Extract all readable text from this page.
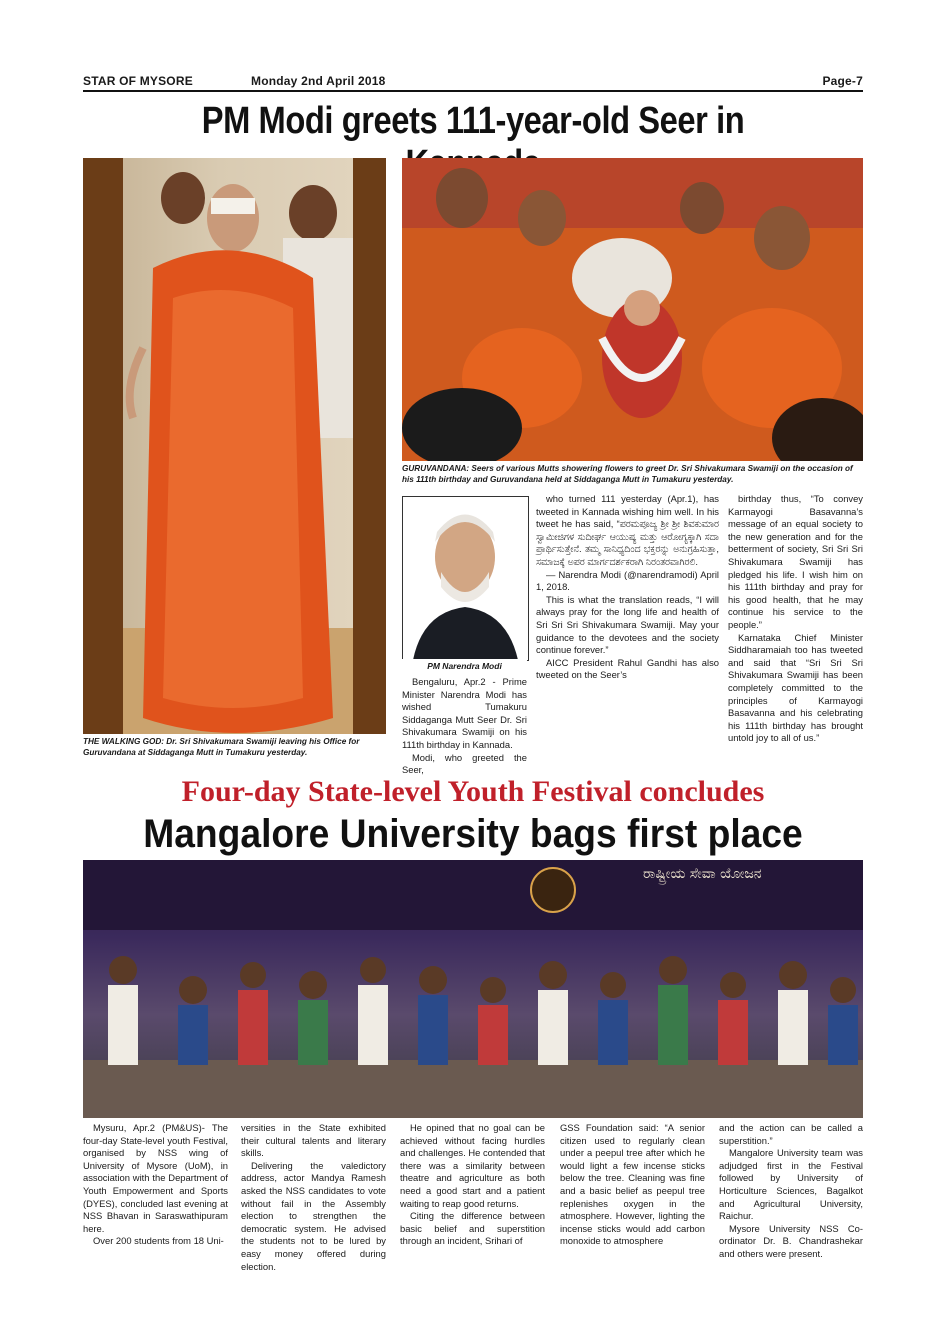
STAR OF MYSORE	Monday 2nd April 2018	Page-7
PM Modi greets 111-year-old Seer in
THE WALKING GOD: Dr. Sri Shivakumara Swamiji leaving his Office for Guruvandana at Siddaganga Mutt in Tumakuru yesterday.
GURUVANDANA: Seers of various Mutts showering flowers to greet Dr. Sri Shivakumara Swamiji on the occasion of his 111th birthday and Guruvandana held at Siddaganga Mutt in Tumakuru yesterday.
PM Narendra Modi

Bengaluru, Apr.2 - Prime Minister Narendra Modi has wished Tumakuru Siddaganga Mutt Seer Dr. Sri Shivakumara Swamiji on his 111th birthday in Kannada.

Modi, who greeted the Seer,

who turned 111 yesterday (Apr.1), has tweeted in Kannada wishing him well. In his tweet he has said, “ಪರಮಪೂಜ್ಯ ಶ್ರೀ ಶ್ರೀ ಶಿವಕುಮಾರ ಸ್ವಾಮೀಜಿಗಳ ಸುದೀರ್ಘ ಆಯುಷ್ಯ ಮತ್ತು ಆರೋಗ್ಯಕ್ಕಾಗಿ ಸದಾ ಪ್ರಾರ್ಥಿಸುತ್ತೇನೆ. ತಮ್ಮ ಸಾನಿಧ್ಯದಿಂದ ಭಕ್ತರನ್ನು ಅನುಗ್ರಹಿಸುತ್ತಾ, ಸಮಾಜಕ್ಕೆ ಅಪರ ಮಾರ್ಗದರ್ಶಕರಾಗಿ ನಿರಂತರವಾಗಿರಲಿ.

— Narendra Modi (@narendramodi) April 1, 2018.

This is what the translation reads, “I will always pray for the long life and health of Sri Sri Sri Shivakumara Swamiji. May your guidance to the devotees and the society continue forever.”

AICC President Rahul Gandhi has also tweeted on the Seer’s

birthday thus, “To convey Karmayogi Basavanna’s message of an equal society to the new generation and for the betterment of society, Sri Sri Sri Shivakumara Swamiji has pledged his life. I wish him on his 111th birthday and pray for his good health, that he may continue his service to the people.”

Karnataka Chief Minister Siddharamaiah too has tweeted and said that “Sri Sri Sri Shivakumara Swamiji has been completely committed to the principles of Karmayogi Basavanna and his celebrating his 111th birthday has brought untold joy to all of us.”

Four-day State-level Youth Festival concludes
Mangalore University bags first place
ರಾಷ್ಟ್ರೀಯ ಸೇವಾ ಯೋಜನ

Mysuru, Apr.2 (PM&US)- The four-day State-level youth Festival, organised by NSS wing of University of Mysore (UoM), in association with the Department of Youth Empowerment and Sports (DYES), concluded last evening at NSS Bhavan in Saraswathipuram here.

Over 200 students from 18 Uni-

versities in the State exhibited their cultural talents and literary skills.

Delivering the valedictory address, actor Mandya Ramesh asked the NSS candidates to vote without fail in the Assembly election to strengthen the democratic system. He advised the students not to be lured by easy money offered during election.

He opined that no goal can be achieved without facing hurdles and challenges. He contended that there was a similarity between theatre and agriculture as both need a good start and a patient waiting to reap good returns.

Citing the difference between basic belief and superstition through an incident, Srihari of

GSS Foundation said: “A senior citizen used to regularly clean under a peepul tree after which he would light a few incense sticks below the tree. Cleaning was fine and a basic belief as peepul tree replenishes oxygen in the atmosphere. However, lighting the incense sticks would add carbon monoxide to atmosphere

and the action can be called a superstition.”

Mangalore University team was adjudged first in the Festival followed by University of Horticulture Sciences, Bagalkot and Agricultural University, Raichur.

Mysore University NSS Co-ordinator Dr. B. Chandrashekar and others were present.
